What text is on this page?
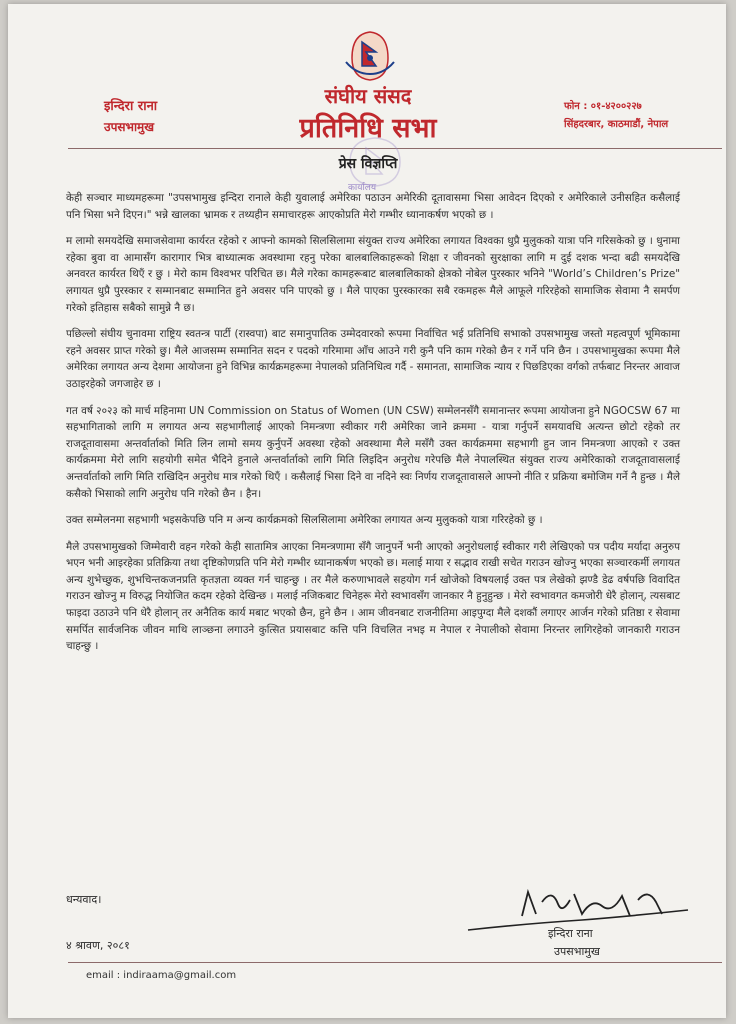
इन्दिरा राना
उपसभामुख
संघीय संसद
प्रतिनिधि सभा
फोन : ०१-४२००२२७
सिंहदरबार, काठमाडौं, नेपाल
प्रेस विज्ञप्ति
कार्यालय

केही सञ्चार माध्यमहरूमा "उपसभामुख इन्दिरा रानाले केही युवालाई अमेरिका पठाउन अमेरिकी दूतावासमा भिसा आवेदन दिएको र अमेरिकाले उनीसहित कसैलाई पनि भिसा भने दिएन।" भन्ने खालका भ्रामक र तथ्यहीन समाचारहरू आएकोप्रति मेरो गम्भीर ध्यानाकर्षण भएको छ ।

म लामो समयदेखि समाजसेवामा कार्यरत रहेको र आफ्नो कामको सिलसिलामा संयुक्त राज्य अमेरिका लगायत विश्वका धुप्रै मुलुकको यात्रा पनि गरिसकेको छु । धुनामा रहेका बुवा वा आमासँग कारागार भित्र बाध्यात्मक अवस्थामा रहनु परेका बालबालिकाहरूको शिक्षा र जीवनको सुरक्षाका लागि म दुई दशक भन्दा बढी समयदेखि अनवरत कार्यरत थिएँ र छु । मेरो काम विश्वभर परिचित छ। मैले गरेका कामहरूबाट बालबालिकाको क्षेत्रको नोबेल पुरस्कार भनिने "World’s Children’s Prize" लगायत धुप्रै पुरस्कार र सम्मानबाट सम्मानित हुने अवसर पनि पाएको छु । मैले पाएका पुरस्कारका सबै रकमहरू मैले आफूले गरिरहेको सामाजिक सेवामा नै समर्पण गरेको इतिहास सबैको सामुन्ने नै छ।

पछिल्लो संघीय चुनावमा राष्ट्रिय स्वतन्त्र पार्टी (रास्वपा) बाट समानुपातिक उम्मेदवारको रूपमा निर्वाचित भई प्रतिनिधि सभाको उपसभामुख जस्तो महत्वपूर्ण भूमिकामा रहने अवसर प्राप्त गरेको छु। मैले आजसम्म सम्मानित सदन र पदको गरिमामा आँच आउने गरी कुनै पनि काम गरेको छैन र गर्ने पनि छैन । उपसभामुखका रूपमा मैले अमेरिका लगायत अन्य देशमा आयोजना हुने विभिन्न कार्यक्रमहरूमा नेपालको प्रतिनिधित्व गर्दै - समानता, सामाजिक न्याय र पिछडिएका वर्गको तर्फबाट निरन्तर आवाज उठाइरहेको जगजाहेर छ ।

गत वर्ष २०२३ को मार्च महिनामा UN Commission on Status of Women (UN CSW) सम्मेलनसँगै समानान्तर रूपमा आयोजना हुने NGOCSW 67 मा सहभागिताको लागि म लगायत अन्य सहभागीलाई आएको निमन्त्रणा स्वीकार गरी अमेरिका जाने क्रममा - यात्रा गर्नुपर्ने समयावधि अत्यन्त छोटो रहेको तर राजदूतावासमा अन्तर्वार्ताको मिति लिन लामो समय कुर्नुपर्ने अवस्था रहेको अवस्थामा मैले मसँगै उक्त कार्यक्रममा सहभागी हुन जान निमन्त्रणा आएको र उक्त कार्यक्रममा मेरो लागि सहयोगी समेत भैदिने हुनाले अन्तर्वार्ताको लागि मिति लिइदिन अनुरोध गरेपछि मैले नेपालस्थित संयुक्त राज्य अमेरिकाको राजदूतावासलाई अन्तर्वार्ताको लागि मिति राखिदिन अनुरोध मात्र गरेको थिएँ । कसैलाई भिसा दिने वा नदिने स्वः निर्णय राजदूतावासले आफ्नो नीति र प्रक्रिया बमोजिम गर्ने नै हुन्छ । मैले कसैको भिसाको लागि अनुरोध पनि गरेको छैन । हैन।

उक्त सम्मेलनमा सहभागी भइसकेपछि पनि म अन्य कार्यक्रमको सिलसिलामा अमेरिका लगायत अन्य मुलुकको यात्रा गरिरहेको छु ।

मैले उपसभामुखको जिम्मेवारी वहन गरेको केही सातामित्र आएका निमन्त्रणामा सँगै जानुपर्ने भनी आएको अनुरोधलाई स्वीकार गरी लेखिएको पत्र पदीय मर्यादा अनुरुप भएन भनी आइरहेका प्रतिक्रिया तथा दृष्टिकोणप्रति पनि मेरो गम्भीर ध्यानाकर्षण भएको छ। मलाई माया र सद्भाव राखी सचेत गराउन खोज्नु भएका सञ्चारकर्मी लगायत अन्य शुभेच्छुक, शुभचिन्तकजनप्रति कृतज्ञता व्यक्त गर्न चाहन्छु । तर मैले करुणाभावले सहयोग गर्न खोजेको विषयलाई उक्त पत्र लेखेको झण्डै डेढ वर्षपछि विवादित गराउन खोज्नु म विरुद्ध नियोजित कदम रहेको देखिन्छ । मलाई नजिकबाट चिनेहरू मेरो स्वभावसँग जानकार नै हुनुहुन्छ । मेरो स्वभावगत कमजोरी धेरै होलान्, त्यसबाट फाइदा उठाउने पनि धेरै होलान् तर अनैतिक कार्य मबाट भएको छैन, हुने छैन । आम जीवनबाट राजनीतिमा आइपुग्दा मैले दशकौं लगाएर आर्जन गरेको प्रतिष्ठा र सेवामा समर्पित सार्वजनिक जीवन माथि लाञ्छना लगाउने कुत्सित प्रयासबाट कत्ति पनि विचलित नभइ म नेपाल र नेपालीको सेवामा निरन्तर लागिरहेको जानकारी गराउन चाहन्छु ।

धन्यवाद।
इन्दिरा राना
उपसभामुख
४ श्रावण, २०८१
email : indiraama@gmail.com
